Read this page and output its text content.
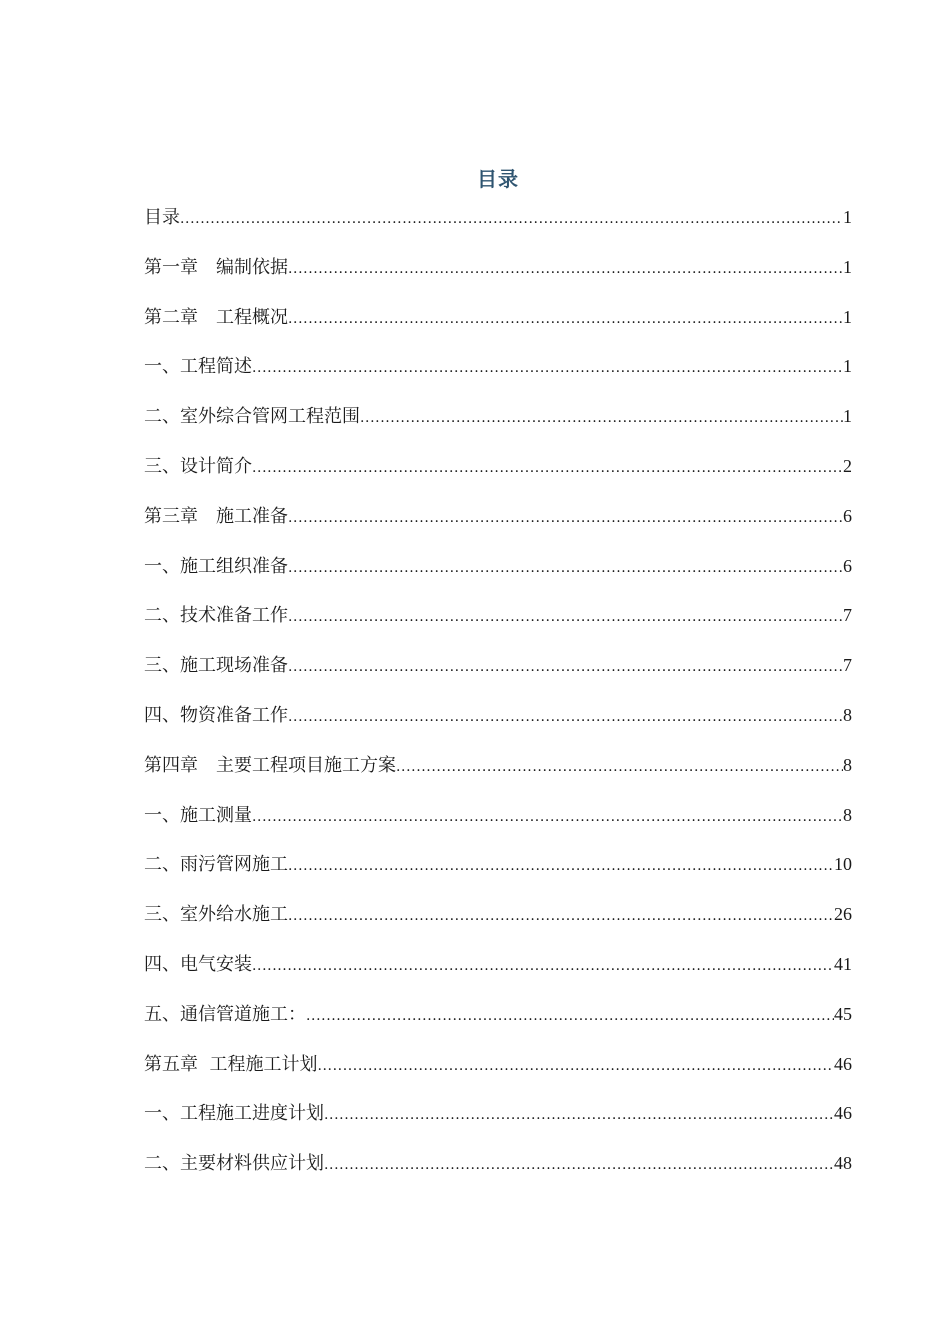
目录
目录 .....	1
第一章　编制依据 .....	1
第二章　工程概况 .....	1
一、工程简述 .....	1
二、室外综合管网工程范围 .....	1
三、设计简介 .....	2
第三章　施工准备 .....	6
一、施工组织准备 .....	6
二、技术准备工作 .....	7
三、施工现场准备 .....	7
四、物资准备工作 .....	8
第四章　主要工程项目施工方案 .....	8
一、施工测量 .....	8
二、雨污管网施工 .....	10
三、室外给水施工 .....	26
四、电气安装 .....	41
五、通信管道施工： .....	45
第五章  工程施工计划 .....	46
一、工程施工进度计划 .....	46
二、主要材料供应计划 .....	48
